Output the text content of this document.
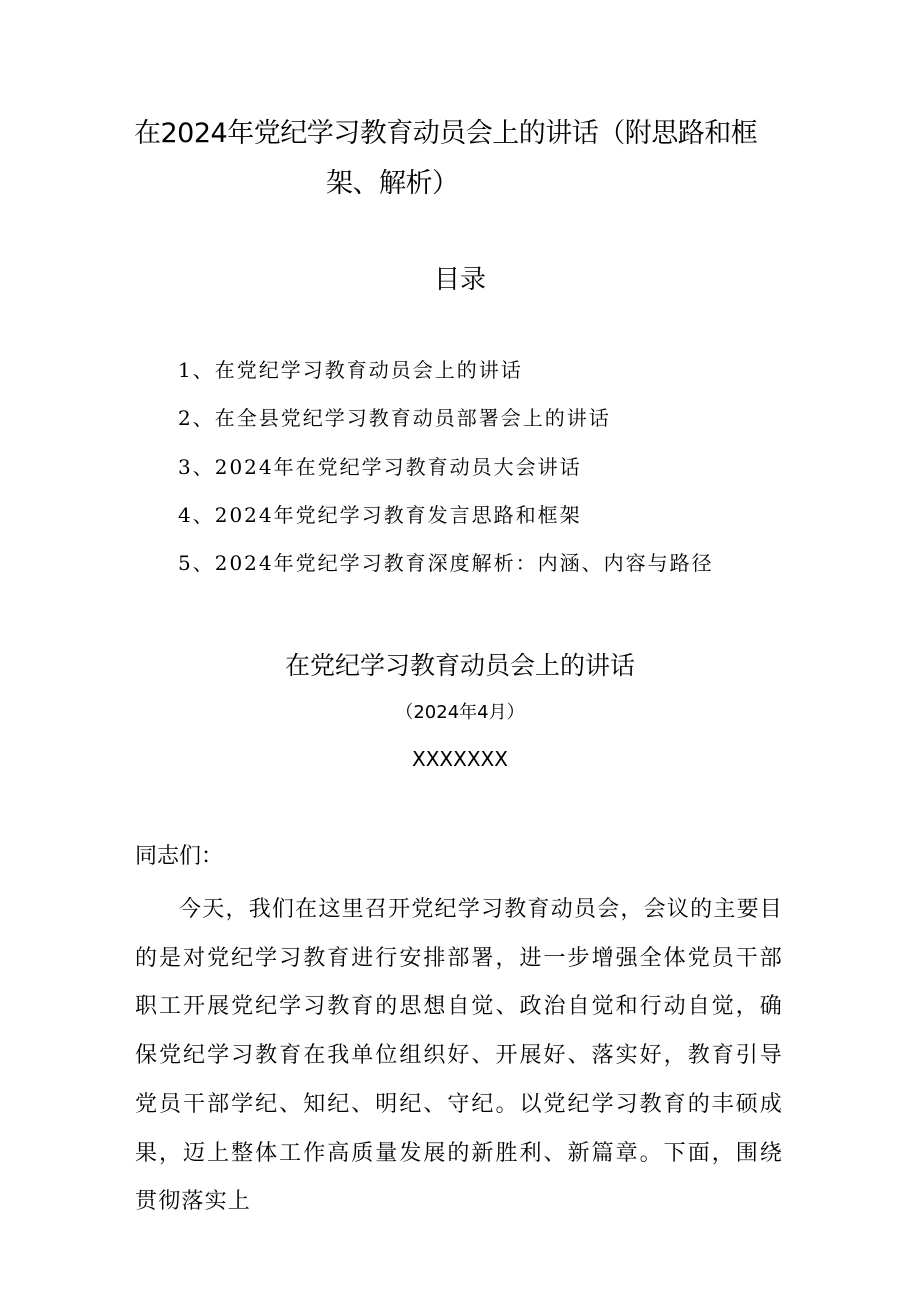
在2024年党纪学习教育动员会上的讲话（附思路和框
架、解析）
目录
1、在党纪学习教育动员会上的讲话
2、在全县党纪学习教育动员部署会上的讲话
3、2024年在党纪学习教育动员大会讲话
4、2024年党纪学习教育发言思路和框架
5、2024年党纪学习教育深度解析：内涵、内容与路径
在党纪学习教育动员会上的讲话
（2024年4月）
XXXXXXX
同志们：

今天，我们在这里召开党纪学习教育动员会，会议的主要目的是对党纪学习教育进行安排部署，进一步增强全体党员干部职工开展党纪学习教育的思想自觉、政治自觉和行动自觉，确保党纪学习教育在我单位组织好、开展好、落实好，教育引导党员干部学纪、知纪、明纪、守纪。以党纪学习教育的丰硕成果，迈上整体工作高质量发展的新胜利、新篇章。下面，围绕贯彻落实上
